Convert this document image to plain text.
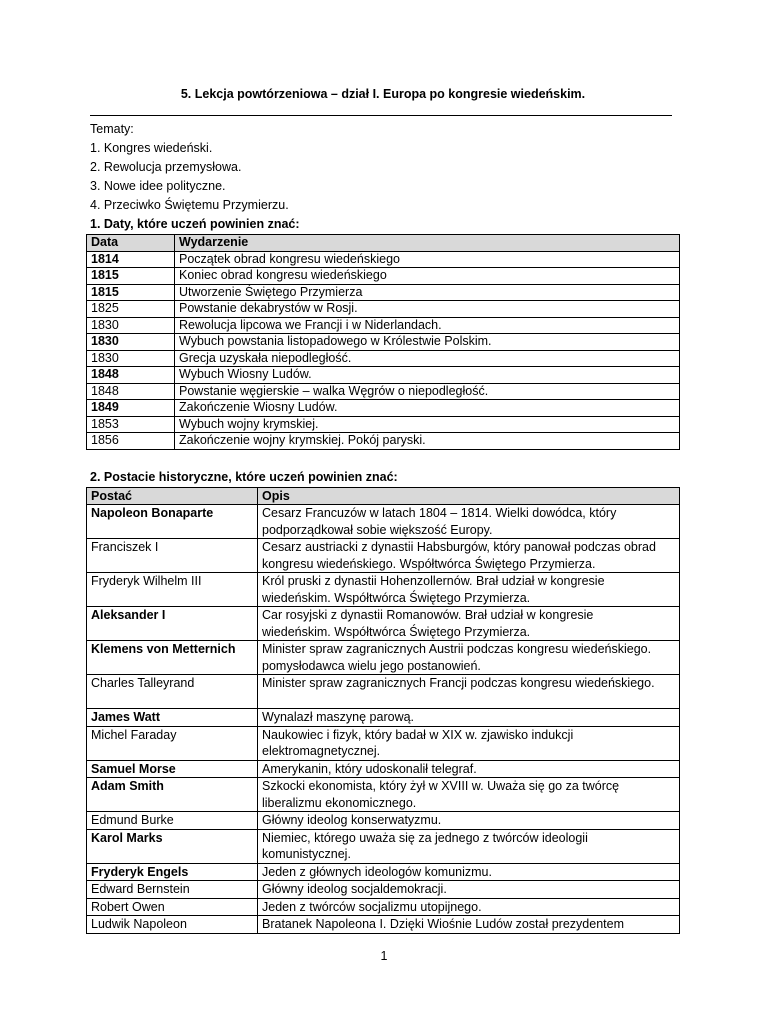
5. Lekcja powtórzeniowa – dział I. Europa po kongresie wiedeńskim.

Tematy:
1. Kongres wiedeński.
2. Rewolucja przemysłowa.
3. Nowe idee polityczne.
4. Przeciwko Świętemu Przymierzu.
1. Daty, które uczeń powinien znać:
Data	Wydarzenie
1814	Początek obrad kongresu wiedeńskiego
1815	Koniec obrad kongresu wiedeńskiego
1815	Utworzenie Świętego Przymierza
1825	Powstanie dekabrystów w Rosji.
1830	Rewolucja lipcowa we Francji i w Niderlandach.
1830	Wybuch powstania listopadowego w Królestwie Polskim.
1830	Grecja uzyskała niepodległość.
1848	Wybuch Wiosny Ludów.
1848	Powstanie węgierskie – walka Węgrów o niepodległość.
1849	Zakończenie Wiosny Ludów.
1853	Wybuch wojny krymskiej.
1856	Zakończenie wojny krymskiej. Pokój paryski.
2. Postacie historyczne, które uczeń powinien znać:
Postać	Opis
Napoleon Bonaparte	Cesarz Francuzów w latach 1804 – 1814. Wielki dowódca, który
podporządkował sobie większość Europy.

Franciszek I	Cesarz austriacki z dynastii Habsburgów, który panował podczas obrad
kongresu wiedeńskiego. Współtwórca Świętego Przymierza.

Fryderyk Wilhelm III	Król pruski z dynastii Hohenzollernów. Brał udział w kongresie
wiedeńskim. Współtwórca Świętego Przymierza.

Aleksander I	Car rosyjski z dynastii Romanowów. Brał udział w kongresie
wiedeńskim. Współtwórca Świętego Przymierza.

Klemens von Metternich	Minister spraw zagranicznych Austrii podczas kongresu wiedeńskiego.
pomysłodawca wielu jego postanowień.

Charles Talleyrand	Minister spraw zagranicznych Francji podczas kongresu wiedeńskiego.

James Watt	Wynalazł maszynę parową.

Michel Faraday	Naukowiec i fizyk, który badał w XIX w. zjawisko indukcji
elektromagnetycznej.

Samuel Morse	Amerykanin, który udoskonalił telegraf.

Adam Smith	Szkocki ekonomista, który żył w XVIII w. Uważa się go za twórcę
liberalizmu ekonomicznego.

Edmund Burke	Główny ideolog konserwatyzmu.

Karol Marks	Niemiec, którego uważa się za jednego z twórców ideologii
komunistycznej.

Fryderyk Engels	Jeden z głównych ideologów komunizmu.

Edward Bernstein	Główny ideolog socjaldemokracji.

Robert Owen	Jeden z twórców socjalizmu utopijnego.

Ludwik Napoleon	Bratanek Napoleona I. Dzięki Wiośnie Ludów został prezydentem
1
